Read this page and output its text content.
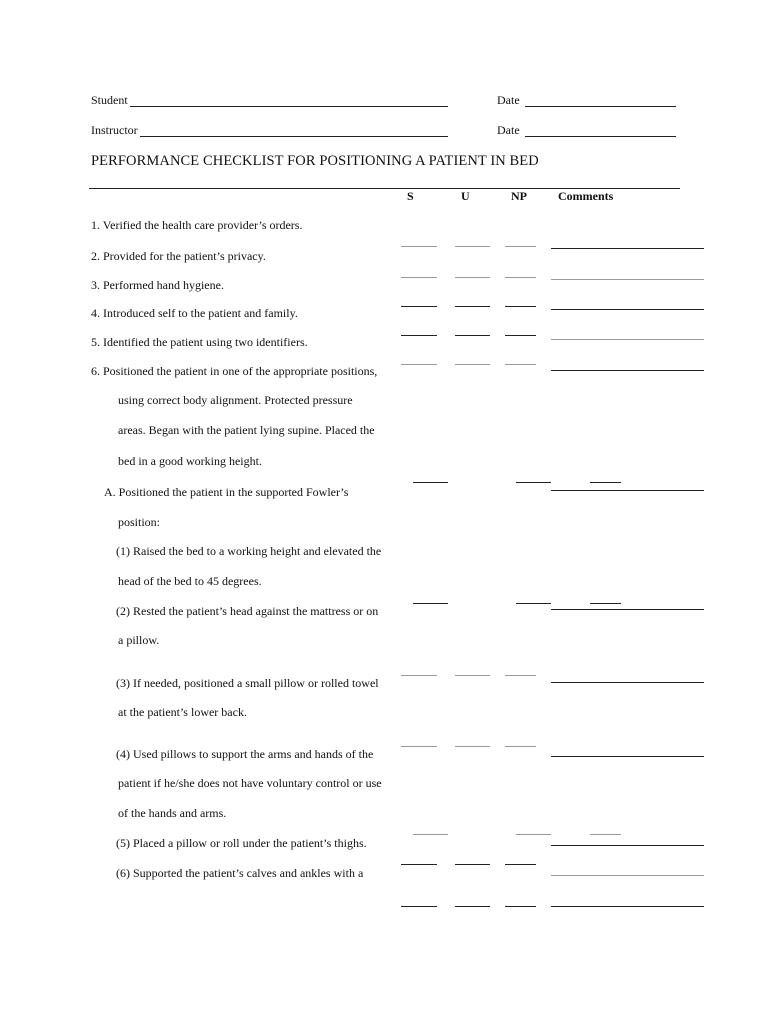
Student	Date
Instructor	Date
PERFORMANCE CHECKLIST FOR POSITIONING A PATIENT IN BED
S	U	NP	Comments
1. Verified the health care provider’s orders.
2. Provided for the patient’s privacy.
3. Performed hand hygiene.
4. Introduced self to the patient and family.
5. Identified the patient using two identifiers.
6. Positioned the patient in one of the appropriate positions,
using correct body alignment. Protected pressure
areas. Began with the patient lying supine. Placed the
bed in a good working height.
A. Positioned the patient in the supported Fowler’s
position:
(1) Raised the bed to a working height and elevated the
head of the bed to 45 degrees.
(2) Rested the patient’s head against the mattress or on
a pillow.
(3) If needed, positioned a small pillow or rolled towel
at the patient’s lower back.
(4) Used pillows to support the arms and hands of the
patient if he/she does not have voluntary control or use
of the hands and arms.
(5) Placed a pillow or roll under the patient’s thighs.
(6) Supported the patient’s calves and ankles with a
